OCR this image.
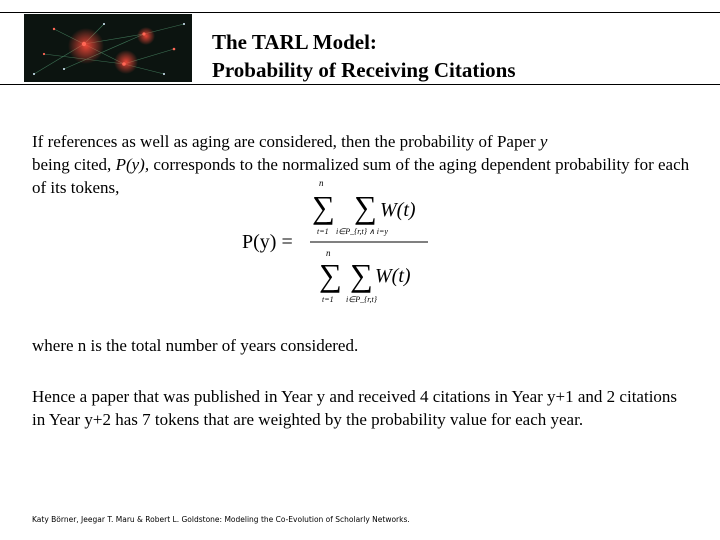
The TARL Model:
Probability of Receiving Citations
If references as well as aging are considered, then the probability of Paper y
being cited, P(y), corresponds to the normalized sum of the aging dependent probability for each of its tokens,
P(y) =
n
∑
t=1
∑
i∈P_{r,t} ∧ i=y
W(t)
n
∑
t=1
∑
i∈P_{r,t}
W(t)
where n is the total number of years considered.
Hence a paper that was published in Year y and received 4 citations in Year y+1 and 2 citations in Year y+2 has 7 tokens that are weighted by the probability value for each year.
Katy Börner, Jeegar T. Maru & Robert L. Goldstone: Modeling the Co-Evolution of Scholarly Networks.
